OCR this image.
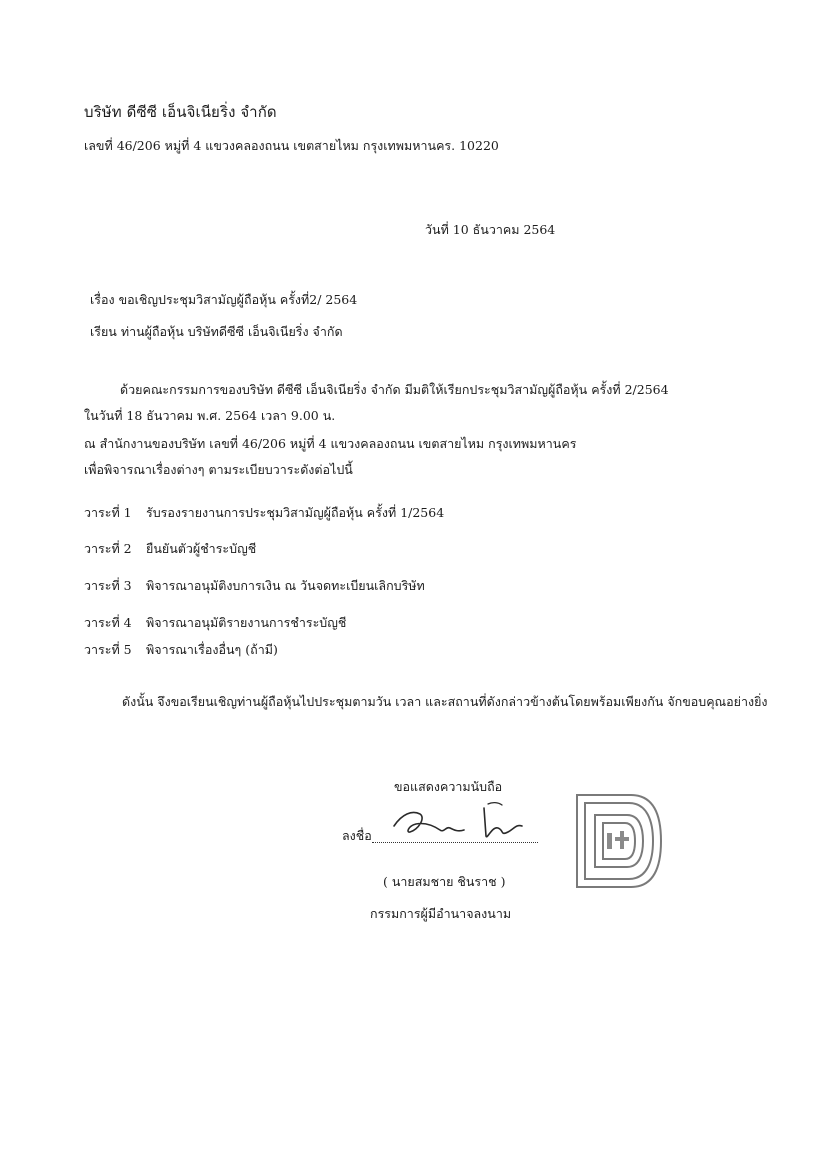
บริษัท ดีซีซี เอ็นจิเนียริ่ง จำกัด
เลขที่ 46/206 หมู่ที่ 4 แขวงคลองถนน เขตสายไหม กรุงเทพมหานคร. 10220
วันที่ 10 ธันวาคม 2564
เรื่อง ขอเชิญประชุมวิสามัญผู้ถือหุ้น ครั้งที่2/ 2564
เรียน ท่านผู้ถือหุ้น บริษัทดีซีซี เอ็นจิเนียริ่ง จำกัด
ด้วยคณะกรรมการของบริษัท ดีซีซี เอ็นจิเนียริ่ง จำกัด มีมติให้เรียกประชุมวิสามัญผู้ถือหุ้น ครั้งที่ 2/2564
ในวันที่ 18 ธันวาคม พ.ศ. 2564 เวลา 9.00 น.
ณ สำนักงานของบริษัท เลขที่ 46/206 หมู่ที่ 4 แขวงคลองถนน เขตสายไหม กรุงเทพมหานคร
เพื่อพิจารณาเรื่องต่างๆ ตามระเบียบวาระดังต่อไปนี้
วาระที่ 1 รับรองรายงานการประชุมวิสามัญผู้ถือหุ้น ครั้งที่ 1/2564
วาระที่ 2 ยืนยันตัวผู้ชำระบัญชี
วาระที่ 3 พิจารณาอนุมัติงบการเงิน ณ วันจดทะเบียนเลิกบริษัท
วาระที่ 4 พิจารณาอนุมัติรายงานการชำระบัญชี
วาระที่ 5 พิจารณาเรื่องอื่นๆ (ถ้ามี)
ดังนั้น จึงขอเรียนเชิญท่านผู้ถือหุ้นไปประชุมตามวัน เวลา และสถานที่ดังกล่าวข้างต้นโดยพร้อมเพียงกัน จักขอบคุณอย่างยิ่ง
ขอแสดงความนับถือ
ลงชื่อ
( นายสมชาย ชินราช )
กรรมการผู้มีอำนาจลงนาม
